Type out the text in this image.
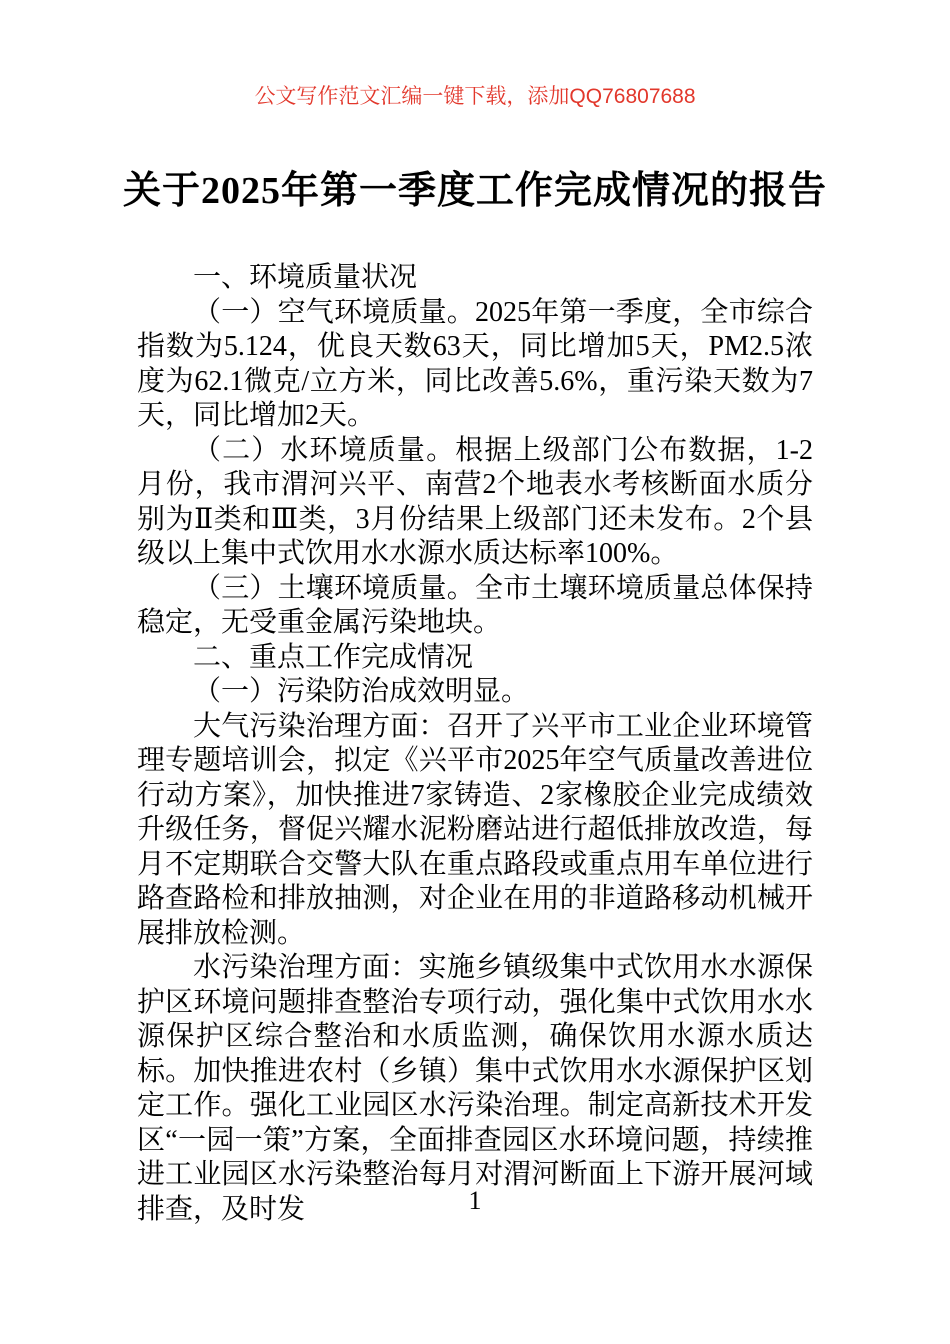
公文写作范文汇编一键下载，添加QQ76807688
关于2025年第一季度工作完成情况的报告

一、环境质量状况

（一）空气环境质量。2025年第一季度，全市综合指数为5.124，优良天数63天，同比增加5天，PM2.5浓度为62.1微克/立方米，同比改善5.6%，重污染天数为7天，同比增加2天。

（二）水环境质量。根据上级部门公布数据，1-2月份，我市渭河兴平、南营2个地表水考核断面水质分别为Ⅱ类和Ⅲ类，3月份结果上级部门还未发布。2个县级以上集中式饮用水水源水质达标率100%。

（三）土壤环境质量。全市土壤环境质量总体保持稳定，无受重金属污染地块。

二、重点工作完成情况

（一）污染防治成效明显。

大气污染治理方面：召开了兴平市工业企业环境管理专题培训会，拟定《兴平市2025年空气质量改善进位行动方案》，加快推进7家铸造、2家橡胶企业完成绩效升级任务，督促兴耀水泥粉磨站进行超低排放改造，每月不定期联合交警大队在重点路段或重点用车单位进行路查路检和排放抽测，对企业在用的非道路移动机械开展排放检测。

水污染治理方面：实施乡镇级集中式饮用水水源保护区环境问题排查整治专项行动，强化集中式饮用水水源保护区综合整治和水质监测，确保饮用水源水质达标。加快推进农村（乡镇）集中式饮用水水源保护区划定工作。强化工业园区水污染治理。制定高新技术开发区“一园一策”方案，全面排查园区水环境问题，持续推进工业园区水污染整治每月对渭河断面上下游开展河域排查，及时发	1
